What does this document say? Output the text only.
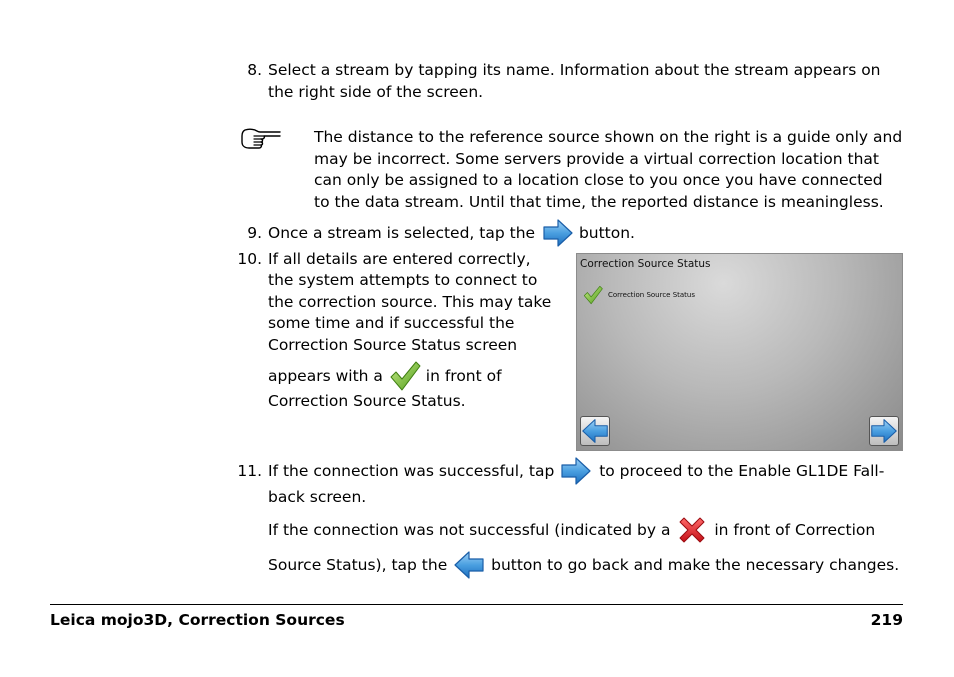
8. Select a stream by tapping its name. Information about the stream appears on
the right side of the screen.
The distance to the reference source shown on the right is a guide only and
may be incorrect. Some servers provide a virtual correction location that
can only be assigned to a location close to you once you have connected
to the data stream. Until that time, the reported distance is meaningless.
9. Once a stream is selected, tap the	button.
10. If all details are entered correctly,
the system attempts to connect to
the correction source. This may take
some time and if successful the
Correction Source Status screen
appears with a	in front of
Correction Source Status.
Correction Source Status
Correction Source Status
11. If the connection was successful, tap	to proceed to the Enable GL1DE Fall-
back screen.
If the connection was not successful (indicated by a	in front of Correction
Source Status), tap the	button to go back and make the necessary changes.
Leica mojo3D, Correction Sources	219
